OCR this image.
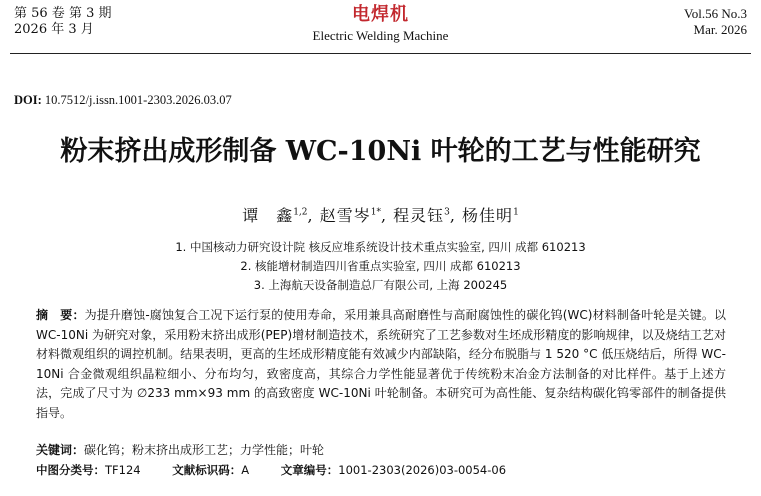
第 56 卷 第 3 期
2026 年 3 月
电焊机
Electric Welding Machine
Vol.56 No.3
Mar. 2026
DOI: 10.7512/j.issn.1001-2303.2026.03.07
粉末挤出成形制备 WC-10Ni 叶轮的工艺与性能研究
谭　鑫$^{1,2}$, 赵雪岑$^{1*}$, 程灵钰$^3$, 杨佳明$^1$
1. 中国核动力研究设计院 核反应堆系统设计技术重点实验室, 四川 成都 610213
2. 核能增材制造四川省重点实验室, 四川 成都 610213
3. 上海航天设备制造总厂有限公司, 上海 200245
摘　要：为提升磨蚀-腐蚀复合工况下运行泵的使用寿命，采用兼具高耐磨性与高耐腐蚀性的碳化钨(WC)材料制备叶轮是关键。以 WC-10Ni 为研究对象，采用粉末挤出成形(PEP)增材制造技术，系统研究了工艺参数对生坯成形精度的影响规律，以及烧结工艺对材料微观组织的调控机制。结果表明，更高的生坯成形精度能有效减少内部缺陷，经分布脱脂与 1 520 °C 低压烧结后，所得 WC-10Ni 合金微观组织晶粒细小、分布均匀，致密度高，其综合力学性能显著优于传统粉末冶金方法制备的对比样件。基于上述方法，完成了尺寸为 ∅233 mm×93 mm 的高致密度 WC-10Ni 叶轮制备。本研究可为高性能、复杂结构碳化钨零部件的制备提供指导。
关键词：碳化钨；粉末挤出成形工艺；力学性能；叶轮
中图分类号：TF124	文献标识码：A	文章编号：1001-2303(2026)03-0054-06
